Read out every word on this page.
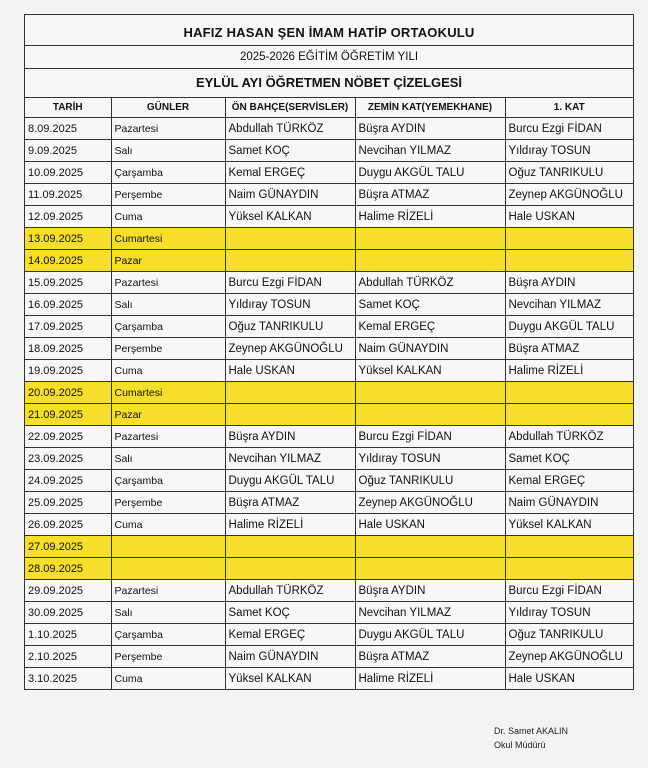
HAFIZ HASAN ŞEN İMAM HATİP ORTAOKULU
2025-2026 EĞİTİM ÖĞRETİM YILI
EYLÜL AYI ÖĞRETMEN NÖBET ÇİZELGESİ
TARİH	GÜNLER	ÖN BAHÇE(SERVİSLER)	ZEMİN KAT(YEMEKHANE)	1. KAT
8.09.2025	Pazartesi	Abdullah TÜRKÖZ	Büşra AYDIN	Burcu Ezgi FİDAN
9.09.2025	Salı	Samet KOÇ	Nevcihan YILMAZ	Yıldıray TOSUN
10.09.2025	Çarşamba	Kemal ERGEÇ	Duygu AKGÜL TALU	Oğuz TANRIKULU
11.09.2025	Perşembe	Naim GÜNAYDIN	Büşra ATMAZ	Zeynep AKGÜNOĞLU
12.09.2025	Cuma	Yüksel KALKAN	Halime RİZELİ	Hale USKAN
13.09.2025	Cumartesi			
14.09.2025	Pazar			
15.09.2025	Pazartesi	Burcu Ezgi FİDAN	Abdullah TÜRKÖZ	Büşra AYDIN
16.09.2025	Salı	Yıldıray TOSUN	Samet KOÇ	Nevcihan YILMAZ
17.09.2025	Çarşamba	Oğuz TANRIKULU	Kemal ERGEÇ	Duygu AKGÜL TALU
18.09.2025	Perşembe	Zeynep AKGÜNOĞLU	Naim GÜNAYDIN	Büşra ATMAZ
19.09.2025	Cuma	Hale USKAN	Yüksel KALKAN	Halime RİZELİ
20.09.2025	Cumartesi			
21.09.2025	Pazar			
22.09.2025	Pazartesi	Büşra AYDIN	Burcu Ezgi FİDAN	Abdullah TÜRKÖZ
23.09.2025	Salı	Nevcihan YILMAZ	Yıldıray TOSUN	Samet KOÇ
24.09.2025	Çarşamba	Duygu AKGÜL TALU	Oğuz TANRIKULU	Kemal ERGEÇ
25.09.2025	Perşembe	Büşra ATMAZ	Zeynep AKGÜNOĞLU	Naim GÜNAYDIN
26.09.2025	Cuma	Halime RİZELİ	Hale USKAN	Yüksel KALKAN
27.09.2025				
28.09.2025				
29.09.2025	Pazartesi	Abdullah TÜRKÖZ	Büşra AYDIN	Burcu Ezgi FİDAN
30.09.2025	Salı	Samet KOÇ	Nevcihan YILMAZ	Yıldıray TOSUN
1.10.2025	Çarşamba	Kemal ERGEÇ	Duygu AKGÜL TALU	Oğuz TANRIKULU
2.10.2025	Perşembe	Naim GÜNAYDIN	Büşra ATMAZ	Zeynep AKGÜNOĞLU
3.10.2025	Cuma	Yüksel KALKAN	Halime RİZELİ	Hale USKAN
Dr. Samet AKALIN
Okul Müdürü
